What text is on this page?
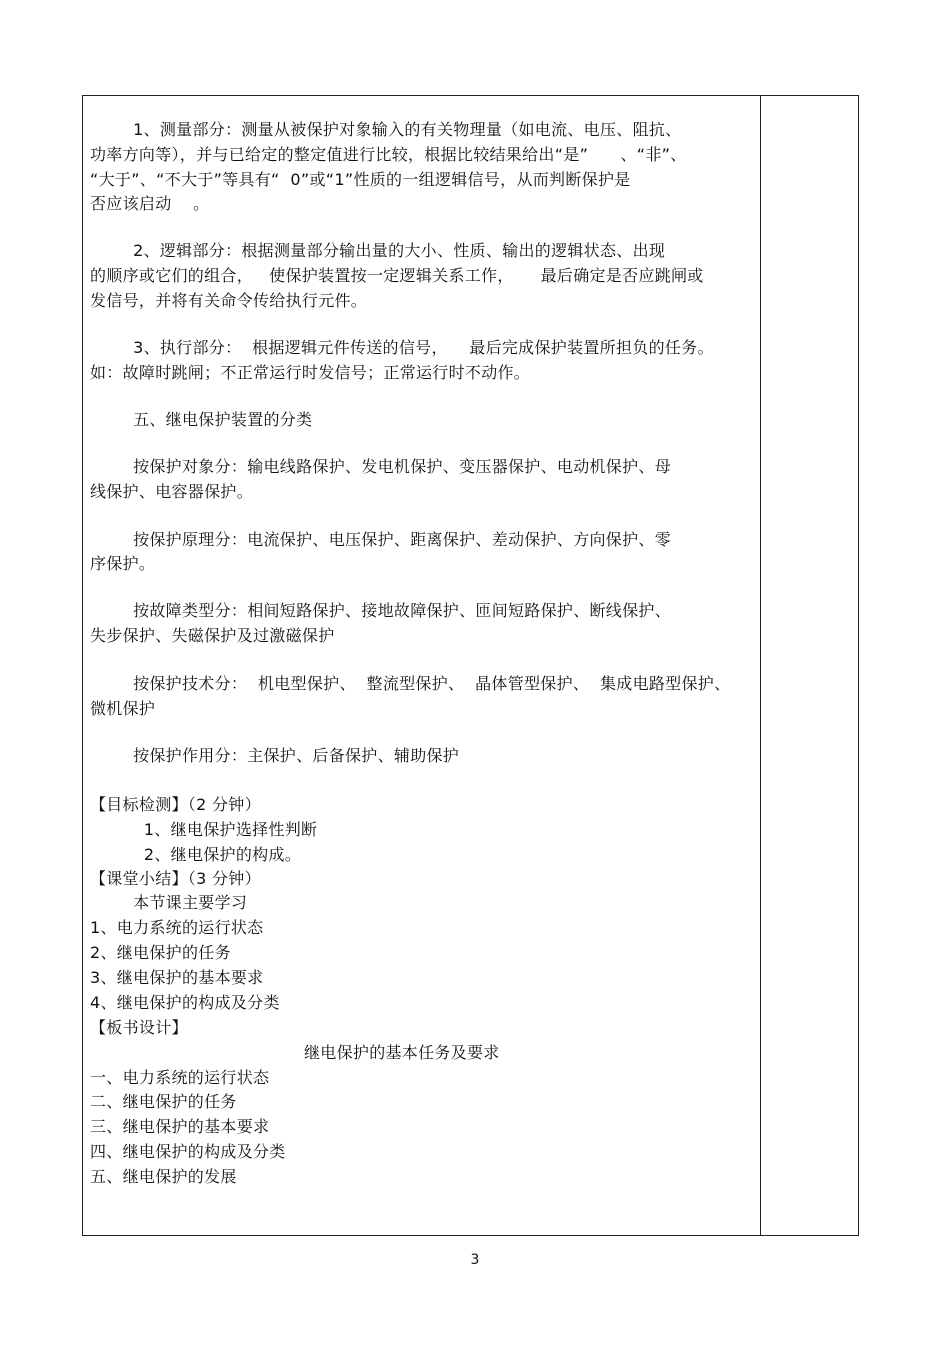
1、测量部分：测量从被保护对象输入的有关物理量（如电流、电压、阻抗、
功率方向等），并与已给定的整定值进行比较，根据比较结果给出“是”      、“非”、
“大于”、“不大于”等具有“  0”或“1”性质的一组逻辑信号，从而判断保护是
否应该启动    。
2、逻辑部分：根据测量部分输出量的大小、性质、输出的逻辑状态、出现
的顺序或它们的组合，   使保护装置按一定逻辑关系工作，     最后确定是否应跳闸或
发信号，并将有关命令传给执行元件。
3、执行部分：  根据逻辑元件传送的信号，    最后完成保护装置所担负的任务。
如：故障时跳闸；不正常运行时发信号；正常运行时不动作。
五、继电保护装置的分类
按保护对象分：输电线路保护、发电机保护、变压器保护、电动机保护、母
线保护、电容器保护。
按保护原理分：电流保护、电压保护、距离保护、差动保护、方向保护、零
序保护。
按故障类型分：相间短路保护、接地故障保护、匝间短路保护、断线保护、
失步保护、失磁保护及过激磁保护
按保护技术分：  机电型保护、  整流型保护、  晶体管型保护、  集成电路型保护、
微机保护
按保护作用分：主保护、后备保护、辅助保护
【目标检测】（2 分钟）
1、继电保护选择性判断
2、继电保护的构成。
【课堂小结】（3 分钟）
本节课主要学习
1、电力系统的运行状态
2、继电保护的任务
3、继电保护的基本要求
4、继电保护的构成及分类
【板书设计】
继电保护的基本任务及要求
一、电力系统的运行状态
二、继电保护的任务
三、继电保护的基本要求
四、继电保护的构成及分类
五、继电保护的发展
3
